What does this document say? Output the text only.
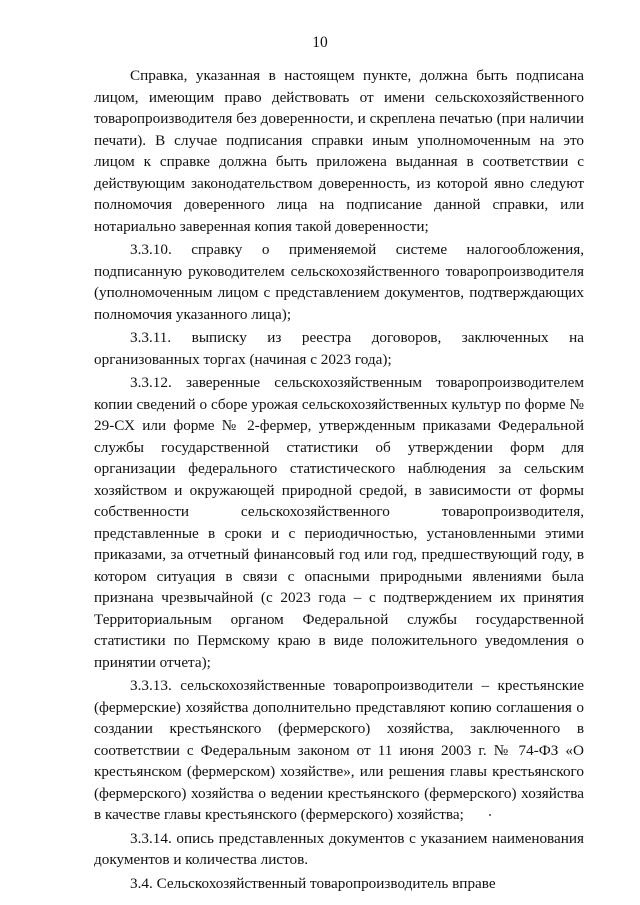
10

Справка, указанная в настоящем пункте, должна быть подписана лицом, имеющим право действовать от имени сельскохозяйственного товаропроизводителя без доверенности, и скреплена печатью (при наличии печати). В случае подписания справки иным уполномоченным на это лицом к справке должна быть приложена выданная в соответствии с действующим законодательством доверенность, из которой явно следуют полномочия доверенного лица на подписание данной справки, или нотариально заверенная копия такой доверенности;

3.3.10. справку о применяемой системе налогообложения, подписанную руководителем сельскохозяйственного товаропроизводителя (уполномоченным лицом с представлением документов, подтверждающих полномочия указанного лица);

3.3.11. выписку из реестра договоров, заключенных на организованных торгах (начиная с 2023 года);

3.3.12. заверенные сельскохозяйственным товаропроизводителем копии сведений о сборе урожая сельскохозяйственных культур по форме № 29-СХ или форме № 2-фермер, утвержденным приказами Федеральной службы государственной статистики об утверждении форм для организации федерального статистического наблюдения за сельским хозяйством и окружающей природной средой, в зависимости от формы собственности сельскохозяйственного товаропроизводителя, представленные в сроки и с периодичностью, установленными этими приказами, за отчетный финансовый год или год, предшествующий году, в котором ситуация в связи с опасными природными явлениями была признана чрезвычайной (с 2023 года – с подтверждением их принятия Территориальным органом Федеральной службы государственной статистики по Пермскому краю в виде положительного уведомления о принятии отчета);

3.3.13. сельскохозяйственные товаропроизводители – крестьянские (фермерские) хозяйства дополнительно представляют копию соглашения о создании крестьянского (фермерского) хозяйства, заключенного в соответствии с Федеральным законом от 11 июня 2003 г. № 74-ФЗ «О крестьянском (фермерском) хозяйстве», или решения главы крестьянского (фермерского) хозяйства о ведении крестьянского (фермерского) хозяйства в качестве главы крестьянского (фермерского) хозяйства;

3.3.14. опись представленных документов с указанием наименования документов и количества листов.

3.4. Сельскохозяйственный товаропроизводитель вправе
